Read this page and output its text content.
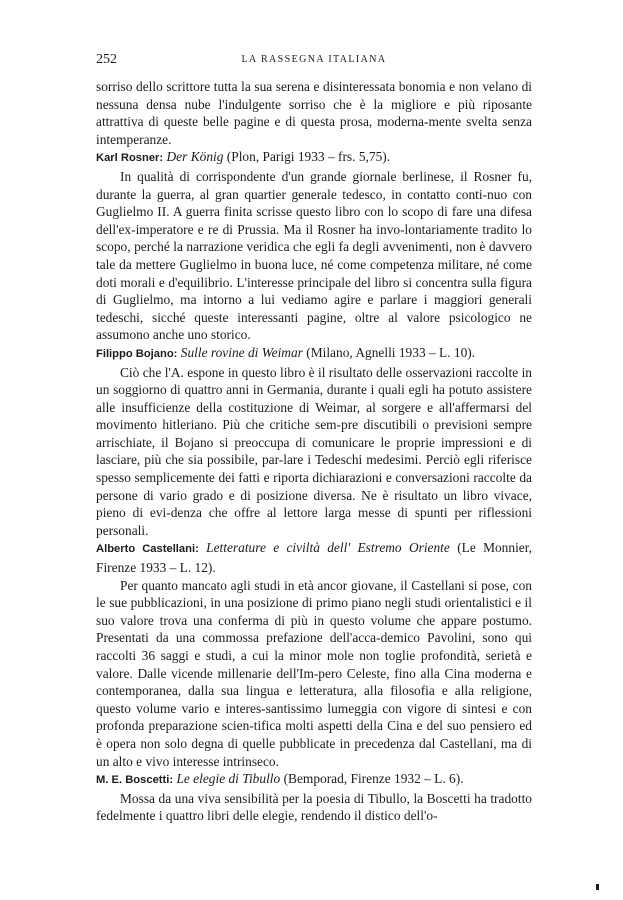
252	LA RASSEGNA ITALIANA

sorriso dello scrittore tutta la sua serena e disinteressata bonomia e non velano di nessuna densa nube l'indulgente sorriso che è la migliore e più riposante attrattiva di queste belle pagine e di questa prosa, moderna-mente svelta senza intemperanze.

Karl Rosner: Der König (Plon, Parigi 1933 – frs. 5,75).

In qualità di corrispondente d'un grande giornale berlinese, il Rosner fu, durante la guerra, al gran quartier generale tedesco, in contatto conti-nuo con Guglielmo II. A guerra finita scrisse questo libro con lo scopo di fare una difesa dell'ex-imperatore e re di Prussia. Ma il Rosner ha invo-lontariamente tradito lo scopo, perché la narrazione veridica che egli fa degli avvenimenti, non è davvero tale da mettere Guglielmo in buona luce, né come competenza militare, né come doti morali e d'equilibrio. L'interesse principale del libro si concentra sulla figura di Guglielmo, ma intorno a lui vediamo agire e parlare i maggiori generali tedeschi, sicché queste interessanti pagine, oltre al valore psicologico ne assumono anche uno storico.

Filippo Bojano: Sulle rovine di Weimar (Milano, Agnelli 1933 – L. 10).

Ciò che l'A. espone in questo libro è il risultato delle osservazioni raccolte in un soggiorno di quattro anni in Germania, durante i quali egli ha potuto assistere alle insufficienze della costituzione di Weimar, al sorgere e all'affermarsi del movimento hitleriano. Più che critiche sem-pre discutibili o previsioni sempre arrischiate, il Bojano si preoccupa di comunicare le proprie impressioni e di lasciare, più che sia possibile, par-lare i Tedeschi medesimi. Perciò egli riferisce spesso semplicemente dei fatti e riporta dichiarazioni e conversazioni raccolte da persone di vario grado e di posizione diversa. Ne è risultato un libro vivace, pieno di evi-denza che offre al lettore larga messe di spunti per riflessioni personali.

Alberto Castellani: Letterature e civiltà dell' Estremo Oriente (Le Monnier, Firenze 1933 – L. 12).

Per quanto mancato agli studi in età ancor giovane, il Castellani si pose, con le sue pubblicazioni, in una posizione di primo piano negli studi orientalistici e il suo valore trova una conferma di più in questo volume che appare postumo. Presentati da una commossa prefazione dell'acca-demico Pavolini, sono qui raccolti 36 saggi e studi, a cui la minor mole non toglie profondità, serietà e valore. Dalle vicende millenarie dell'Im-pero Celeste, fino alla Cina moderna e contemporanea, dalla sua lingua e letteratura, alla filosofia e alla religione, questo volume vario e interes-santissimo lumeggia con vigore di sintesi e con profonda preparazione scien-tifica molti aspetti della Cina e del suo pensiero ed è opera non solo degna di quelle pubblicate in precedenza dal Castellani, ma di un alto e vivo interesse intrinseco.

M. E. Boscetti: Le elegie di Tibullo (Bemporad, Firenze 1932 – L. 6).

Mossa da una viva sensibilità per la poesia di Tibullo, la Boscetti ha tradotto fedelmente i quattro libri delle elegie, rendendo il distico dell'o-
